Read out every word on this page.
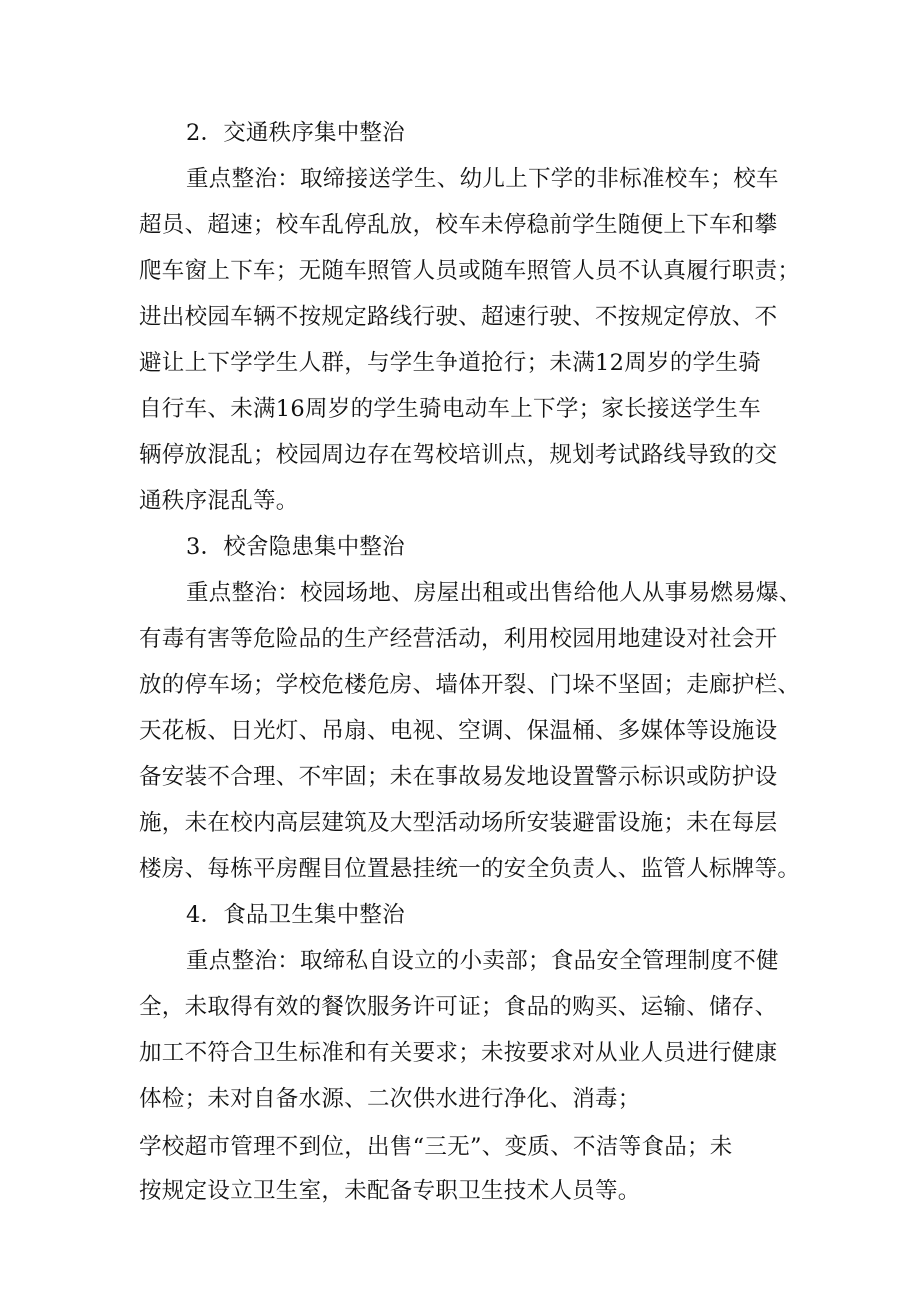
2．交通秩序集中整治
重点整治：取缔接送学生、幼儿上下学的非标准校车；校车
超员、超速；校车乱停乱放，校车未停稳前学生随便上下车和攀
爬车窗上下车；无随车照管人员或随车照管人员不认真履行职责；
进出校园车辆不按规定路线行驶、超速行驶、不按规定停放、不
避让上下学学生人群，与学生争道抢行；未满12周岁的学生骑
自行车、未满16周岁的学生骑电动车上下学；家长接送学生车
辆停放混乱；校园周边存在驾校培训点，规划考试路线导致的交
通秩序混乱等。
3．校舍隐患集中整治
重点整治：校园场地、房屋出租或出售给他人从事易燃易爆、
有毒有害等危险品的生产经营活动，利用校园用地建设对社会开
放的停车场；学校危楼危房、墙体开裂、门垛不坚固；走廊护栏、
天花板、日光灯、吊扇、电视、空调、保温桶、多媒体等设施设
备安装不合理、不牢固；未在事故易发地设置警示标识或防护设
施，未在校内高层建筑及大型活动场所安装避雷设施；未在每层
楼房、每栋平房醒目位置悬挂统一的安全负责人、监管人标牌等。
4．食品卫生集中整治
重点整治：取缔私自设立的小卖部；食品安全管理制度不健
全，未取得有效的餐饮服务许可证；食品的购买、运输、储存、
加工不符合卫生标准和有关要求；未按要求对从业人员进行健康
体检；未对自备水源、二次供水进行净化、消毒；
学校超市管理不到位，出售“三无”、变质、不洁等食品；未
按规定设立卫生室，未配备专职卫生技术人员等。
